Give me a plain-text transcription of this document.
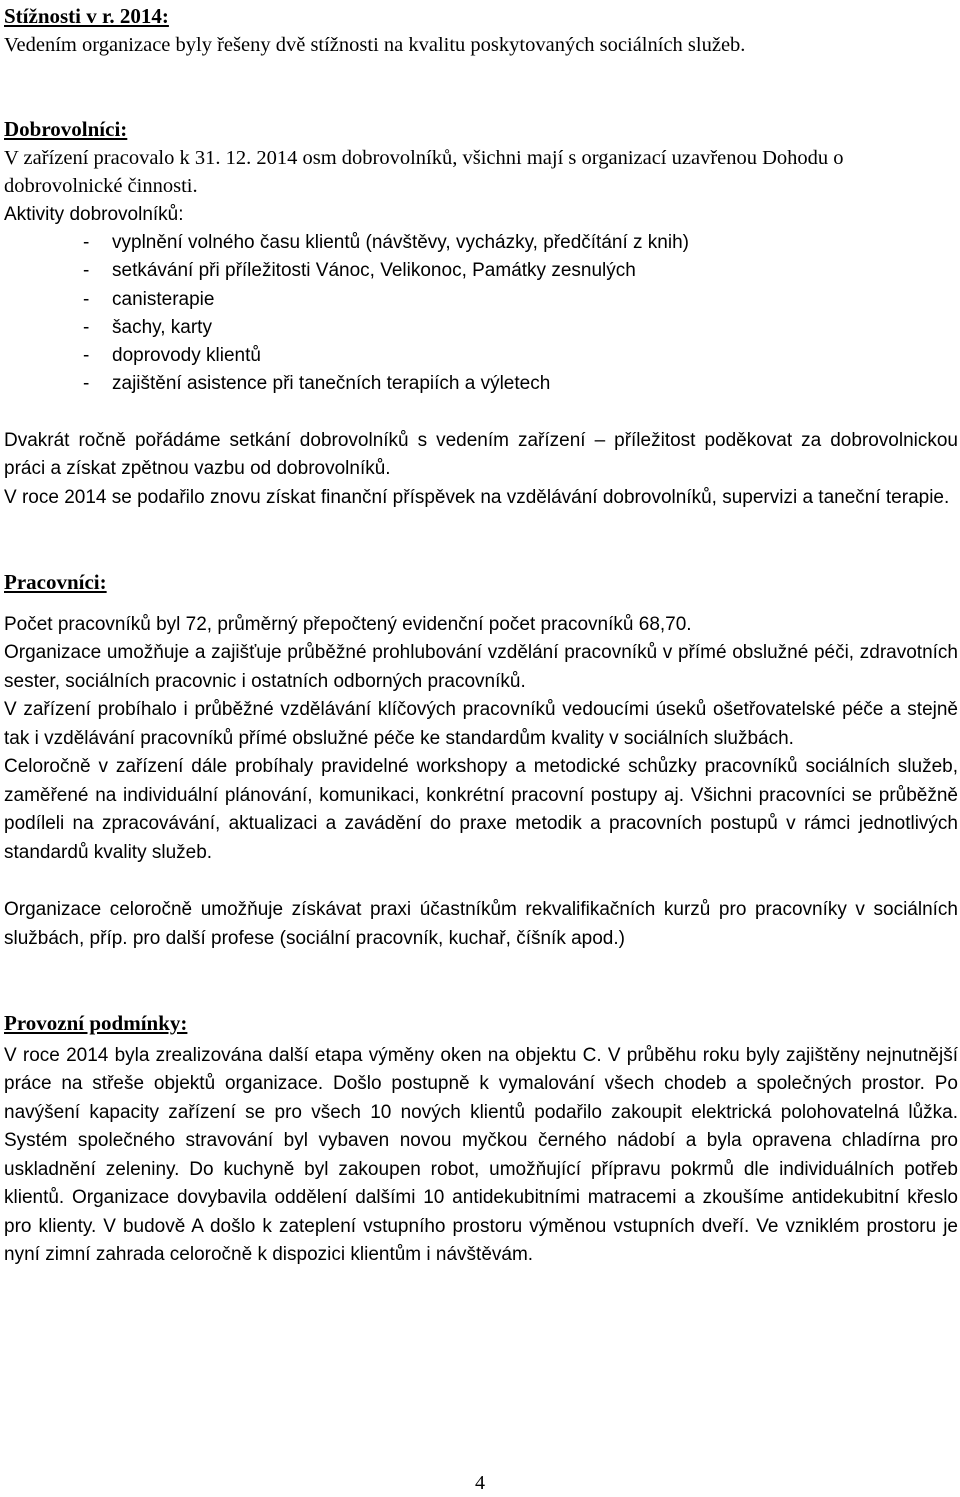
Stížnosti v r. 2014:

Vedením organizace byly řešeny dvě stížnosti na kvalitu poskytovaných sociálních služeb.

Dobrovolníci:

V zařízení pracovalo k 31. 12. 2014 osm dobrovolníků, všichni mají s organizací uzavřenou Dohodu o dobrovolnické činnosti.

Aktivity dobrovolníků:

- vyplnění volného času klientů (návštěvy, vycházky, předčítání z knih)
- setkávání při příležitosti Vánoc, Velikonoc, Památky zesnulých
- canisterapie
- šachy, karty
- doprovody klientů
- zajištění asistence při tanečních terapiích a výletech

Dvakrát ročně pořádáme setkání dobrovolníků s vedením zařízení – příležitost poděkovat za dobrovolnickou práci a získat zpětnou vazbu od dobrovolníků.

V roce 2014 se podařilo znovu získat finanční příspěvek na vzdělávání dobrovolníků, supervizi a taneční terapie.

Pracovníci:

Počet pracovníků byl 72, průměrný přepočtený evidenční počet pracovníků 68,70.

Organizace umožňuje a zajišťuje průběžné prohlubování vzdělání pracovníků v přímé obslužné péči, zdravotních sester, sociálních pracovnic i ostatních odborných pracovníků.

V zařízení probíhalo i průběžné vzdělávání klíčových pracovníků vedoucími úseků ošetřovatelské péče a stejně tak i vzdělávání pracovníků přímé obslužné péče ke standardům kvality v sociálních službách.

Celoročně v zařízení dále probíhaly pravidelné workshopy a metodické schůzky pracovníků sociálních služeb, zaměřené na individuální plánování, komunikaci, konkrétní pracovní postupy aj. Všichni pracovníci se průběžně podíleli na zpracovávání, aktualizaci a zavádění do praxe metodik a pracovních postupů v rámci jednotlivých standardů kvality služeb.

Organizace celoročně umožňuje získávat praxi účastníkům rekvalifikačních kurzů pro pracovníky v sociálních službách, příp. pro další profese (sociální pracovník, kuchař, číšník apod.)

Provozní podmínky:

V roce 2014 byla zrealizována další etapa výměny oken na objektu C. V průběhu roku byly zajištěny nejnutnější práce na střeše objektů organizace. Došlo postupně k vymalování všech chodeb a společných prostor. Po navýšení kapacity zařízení se pro všech 10 nových klientů podařilo zakoupit elektrická polohovatelná lůžka. Systém společného stravování byl vybaven novou myčkou černého nádobí a byla opravena chladírna pro uskladnění zeleniny. Do kuchyně byl zakoupen robot, umožňující přípravu pokrmů dle individuálních potřeb klientů. Organizace dovybavila oddělení dalšími 10 antidekubitními matracemi a zkoušíme antidekubitní křeslo pro klienty. V budově A došlo k zateplení vstupního prostoru výměnou vstupních dveří. Ve vzniklém prostoru je nyní zimní zahrada celoročně k dispozici klientům i návštěvám.

4
